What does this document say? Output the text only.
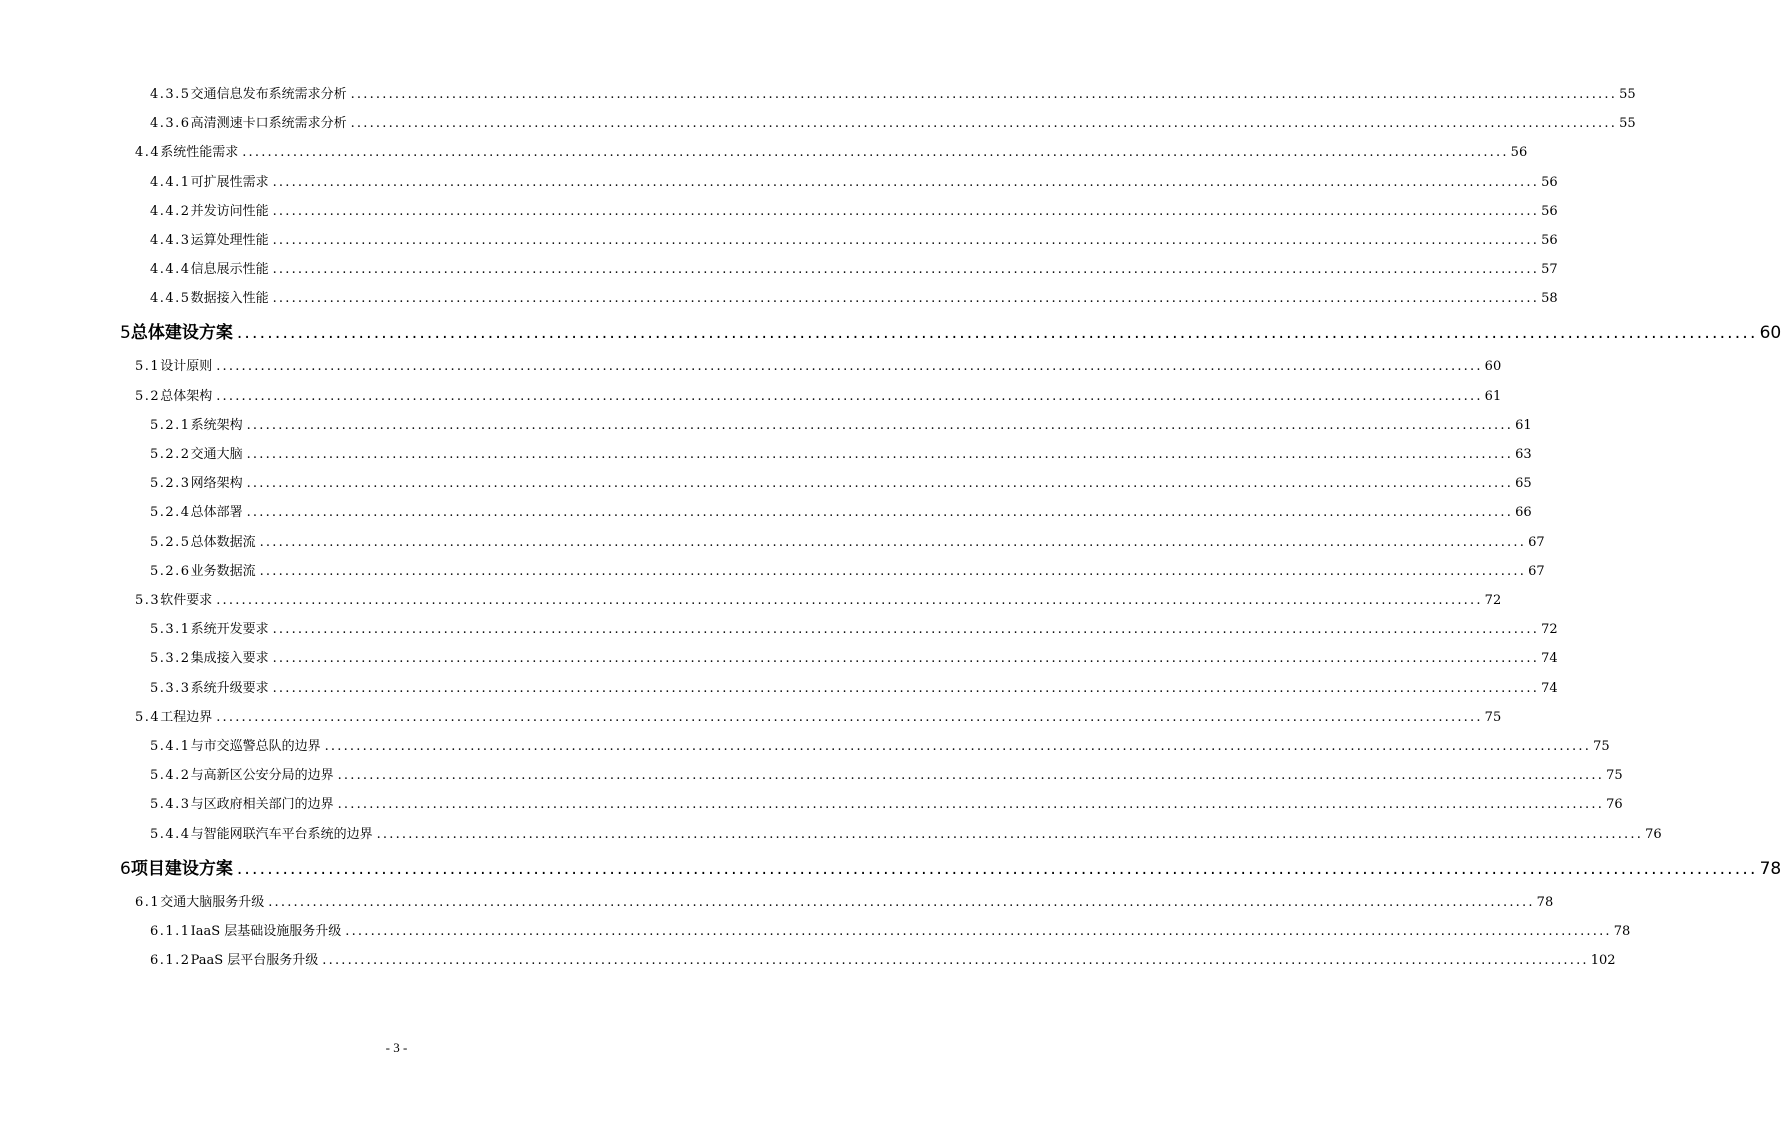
4.3.5 交通信息发布系统需求分析 ........................................................................................................................................................................................................ 55
4.3.6 高清测速卡口系统需求分析 ........................................................................................................................................................................................................ 55
4.4 系统性能需求 ........................................................................................................................................................................................................ 56
4.4.1 可扩展性需求 ........................................................................................................................................................................................................ 56
4.4.2 并发访问性能 ........................................................................................................................................................................................................ 56
4.4.3 运算处理性能 ........................................................................................................................................................................................................ 56
4.4.4 信息展示性能 ........................................................................................................................................................................................................ 57
4.4.5 数据接入性能 ........................................................................................................................................................................................................ 58
5 总体建设方案 ........................................................................................................................................................................................................ 60
5.1 设计原则 ........................................................................................................................................................................................................ 60
5.2 总体架构 ........................................................................................................................................................................................................ 61
5.2.1 系统架构 ........................................................................................................................................................................................................ 61
5.2.2 交通大脑 ........................................................................................................................................................................................................ 63
5.2.3 网络架构 ........................................................................................................................................................................................................ 65
5.2.4 总体部署 ........................................................................................................................................................................................................ 66
5.2.5 总体数据流 ........................................................................................................................................................................................................ 67
5.2.6 业务数据流 ........................................................................................................................................................................................................ 67
5.3 软件要求 ........................................................................................................................................................................................................ 72
5.3.1 系统开发要求 ........................................................................................................................................................................................................ 72
5.3.2 集成接入要求 ........................................................................................................................................................................................................ 74
5.3.3 系统升级要求 ........................................................................................................................................................................................................ 74
5.4 工程边界 ........................................................................................................................................................................................................ 75
5.4.1 与市交巡警总队的边界 ........................................................................................................................................................................................................ 75
5.4.2 与高新区公安分局的边界 ........................................................................................................................................................................................................ 75
5.4.3 与区政府相关部门的边界 ........................................................................................................................................................................................................ 76
5.4.4 与智能网联汽车平台系统的边界 ........................................................................................................................................................................................................ 76
6 项目建设方案 ........................................................................................................................................................................................................ 78
6.1 交通大脑服务升级 ........................................................................................................................................................................................................ 78
6.1.1 IaaS 层基础设施服务升级 ........................................................................................................................................................................................................ 78
6.1.2 PaaS 层平台服务升级 ........................................................................................................................................................................................................ 102
- 3 -
